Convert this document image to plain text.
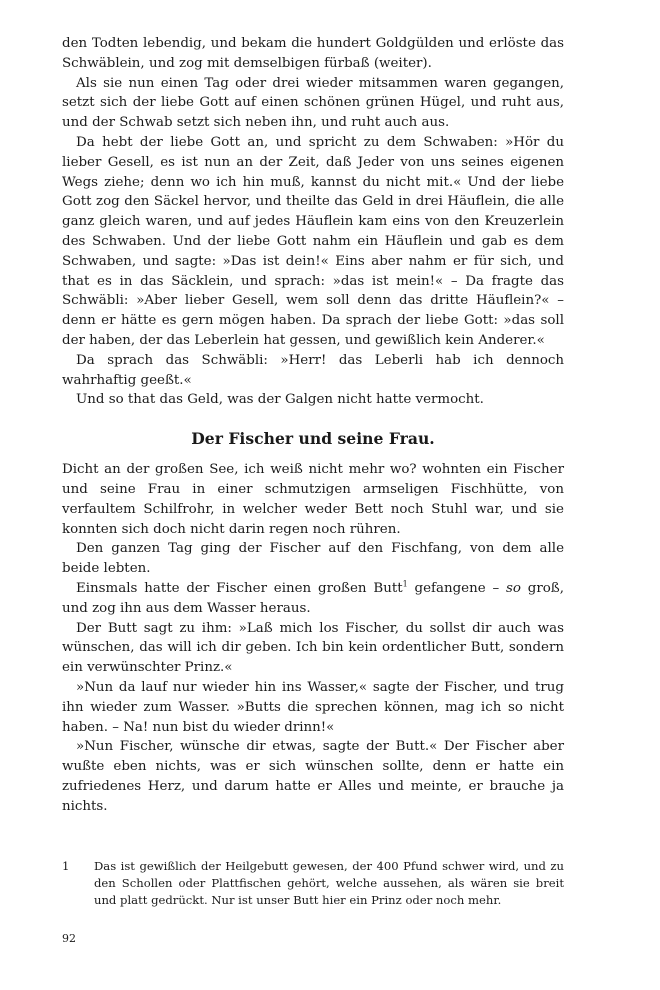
den Todten lebendig, und bekam die hundert Goldgülden und erlöste das Schwäblein, und zog mit demselbigen fürbaß (weiter).

Als sie nun einen Tag oder drei wieder mitsammen waren gegangen, setzt sich der liebe Gott auf einen schönen grünen Hügel, und ruht aus, und der Schwab setzt sich neben ihn, und ruht auch aus.

Da hebt der liebe Gott an, und spricht zu dem Schwaben: »Hör du lieber Gesell, es ist nun an der Zeit, daß Jeder von uns seines eigenen Wegs ziehe; denn wo ich hin muß, kannst du nicht mit.« Und der liebe Gott zog den Säckel hervor, und theilte das Geld in drei Häuflein, die alle ganz gleich waren, und auf jedes Häuflein kam eins von den Kreuzerlein des Schwaben. Und der liebe Gott nahm ein Häuflein und gab es dem Schwaben, und sagte: »Das ist dein!« Eins aber nahm er für sich, und that es in das Säcklein, und sprach: »das ist mein!« – Da fragte das Schwäbli: »Aber lieber Gesell, wem soll denn das dritte Häuflein?« – denn er hätte es gern mögen haben. Da sprach der liebe Gott: »das soll der haben, der das Leberlein hat gessen, und gewißlich kein Anderer.«

Da sprach das Schwäbli: »Herr! das Leberli hab ich dennoch wahrhaftig geeßt.«

Und so that das Geld, was der Galgen nicht hatte vermocht.

Der Fischer und seine Frau.

Dicht an der großen See, ich weiß nicht mehr wo? wohnten ein Fischer und seine Frau in einer schmutzigen armseligen Fischhütte, von verfaultem Schilfrohr, in welcher weder Bett noch Stuhl war, und sie konnten sich doch nicht darin regen noch rühren.

Den ganzen Tag ging der Fischer auf den Fischfang, von dem alle beide lebten.

Einsmals hatte der Fischer einen großen Butt$^1$ gefangene – so groß, und zog ihn aus dem Wasser heraus.

Der Butt sagt zu ihm: »Laß mich los Fischer, du sollst dir auch was wünschen, das will ich dir geben. Ich bin kein ordentlicher Butt, sondern ein verwünschter Prinz.«

»Nun da lauf nur wieder hin ins Wasser,« sagte der Fischer, und trug ihn wieder zum Wasser. »Butts die sprechen können, mag ich so nicht haben. – Na! nun bist du wieder drinn!«

»Nun Fischer, wünsche dir etwas, sagte der Butt.« Der Fischer aber wußte eben nichts, was er sich wünschen sollte, denn er hatte ein zufriedenes Herz, und darum hatte er Alles und meinte, er brauche ja nichts.

1	Das ist gewißlich der Heilgebutt gewesen, der 400 Pfund schwer wird, und zu den Schollen oder Plattfischen gehört, welche aussehen, als wären sie breit und platt gedrückt. Nur ist unser Butt hier ein Prinz oder noch mehr.
92
